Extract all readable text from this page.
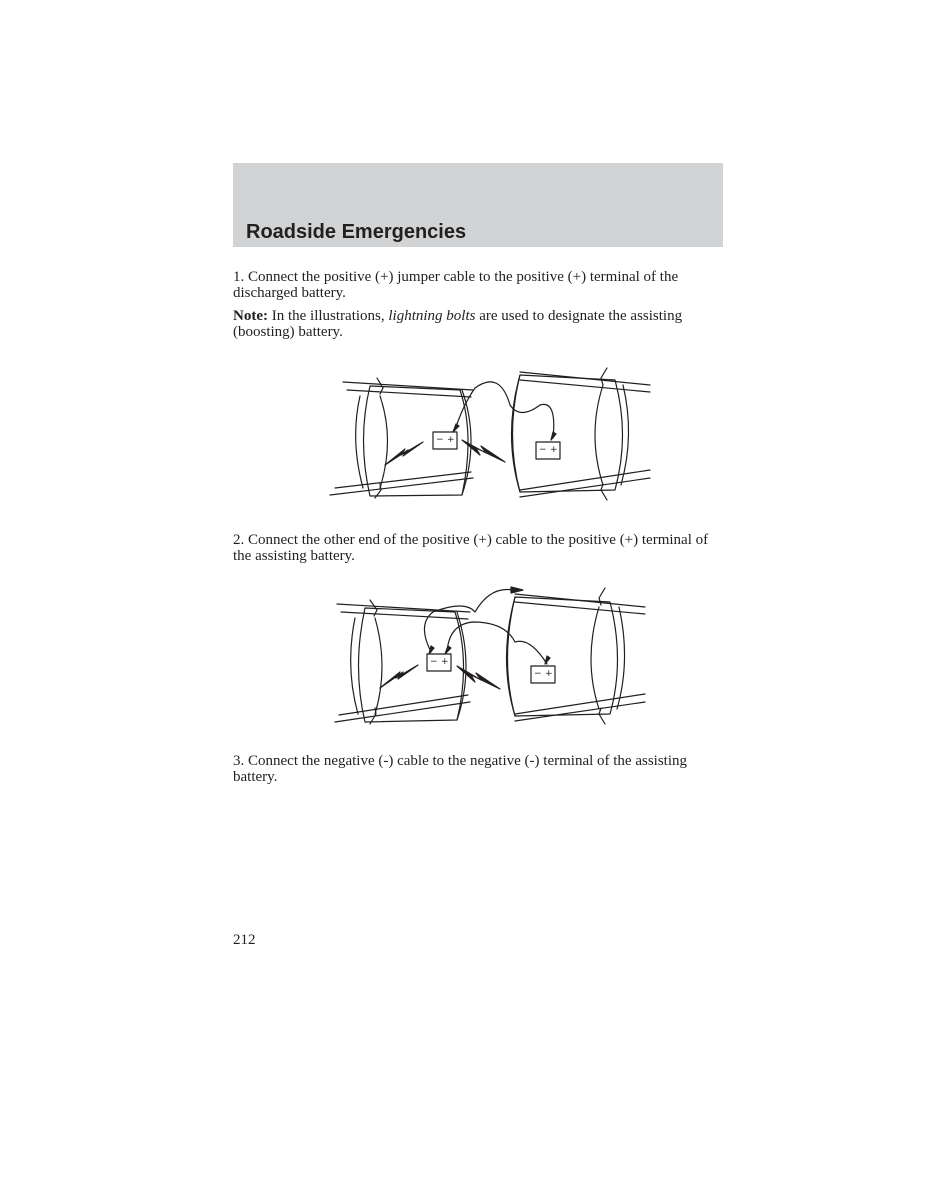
Roadside Emergencies

1. Connect the positive (+) jumper cable to the positive (+) terminal of the discharged battery.

Note: In the illustrations, lightning bolts are used to designate the assisting (boosting) battery.

− +
− +

2. Connect the other end of the positive (+) cable to the positive (+) terminal of the assisting battery.

− +
− +

3. Connect the negative (-) cable to the negative (-) terminal of the assisting battery.

212
